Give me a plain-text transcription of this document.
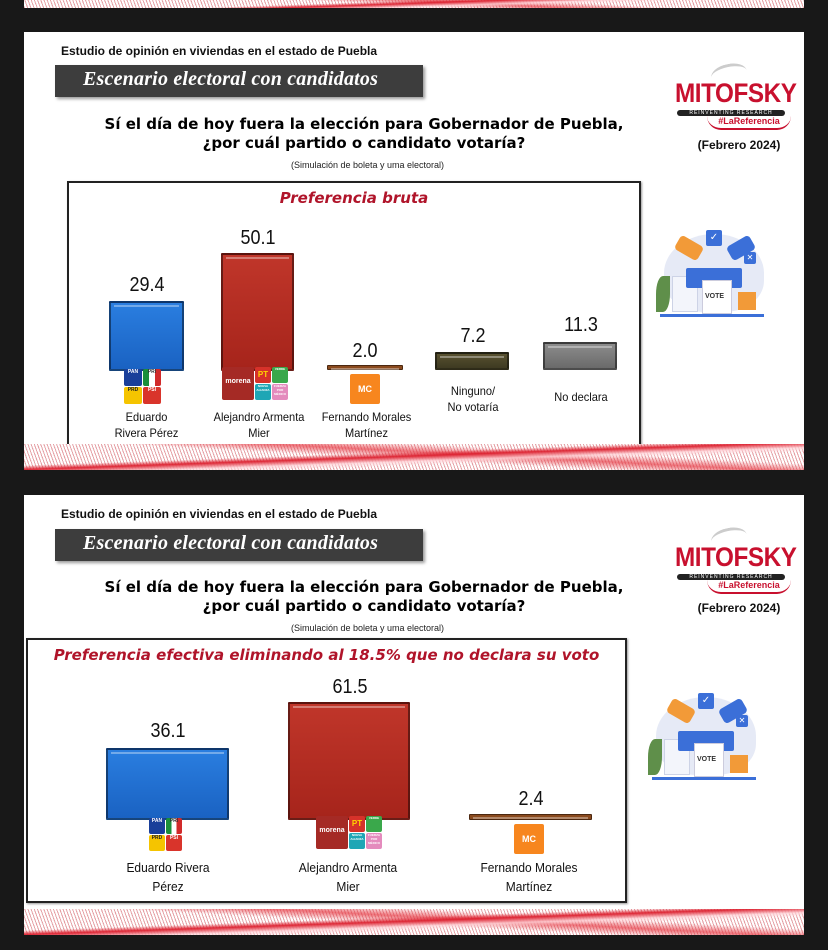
Estudio de opinión en viviendas en el estado de Puebla
Escenario electoral con candidatos
Sí el día de hoy fuera la elección para Gobernador de Puebla,
¿por cuál partido o candidato votaría?
(Simulación de boleta y uma electoral)
MITOFSKY
REINVENTING RESEARCH
#LaReferencia
(Febrero 2024)
✓
✕
VOTE
Preferencia bruta
29.4
PAN	PRI
PRD	PSI
Eduardo
Rivera Pérez
50.1
morena
PT
VERDE
NUEVA ALIANZA
FUERZA POR MÉXICO
Alejandro Armenta
Mier
2.0
MC
Fernando Morales
Martínez
7.2
Ninguno/
No votaría
11.3
No declara
Estudio de opinión en viviendas en el estado de Puebla
Escenario electoral con candidatos
Sí el día de hoy fuera la elección para Gobernador de Puebla,
¿por cuál partido o candidato votaría?
(Simulación de boleta y uma electoral)
MITOFSKY
REINVENTING RESEARCH
#LaReferencia
(Febrero 2024)
✓
✕
VOTE
Preferencia efectiva eliminando al 18.5% que no declara su voto
36.1
PAN	PRI
PRD	PSI
Eduardo Rivera
Pérez
61.5
morena
PT
VERDE
NUEVA ALIANZA
FUERZA POR MÉXICO
Alejandro Armenta
Mier
2.4
MC
Fernando Morales
Martínez
